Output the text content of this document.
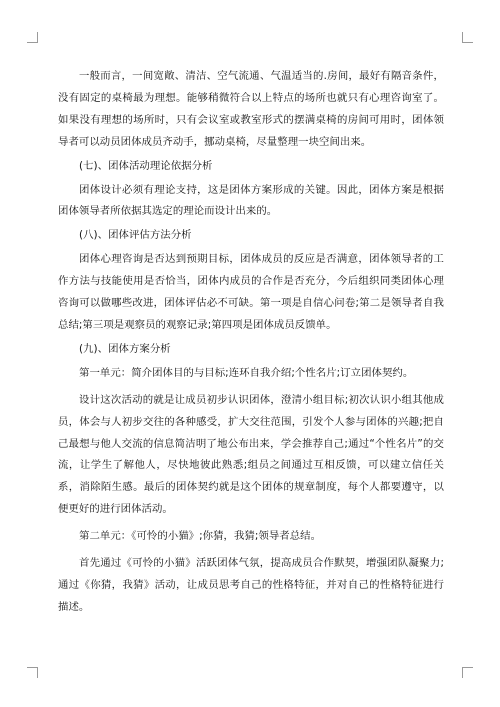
一般而言，一间宽敞、清洁、空气流通、气温适当的.房间，最好有隔音条件，没有固定的桌椅最为理想。能够稍微符合以上特点的场所也就只有心理咨询室了。如果没有理想的场所时，只有会议室或教室形式的摆满桌椅的房间可用时，团体领导者可以动员团体成员齐动手，挪动桌椅，尽量整理一块空间出来。

(七)、团体活动理论依据分析

团体设计必须有理论支持，这是团体方案形成的关键。因此，团体方案是根据团体领导者所依据其选定的理论而设计出来的。

(八)、团体评估方法分析

团体心理咨询是否达到预期目标，团体成员的反应是否满意，团体领导者的工作方法与技能使用是否恰当，团体内成员的合作是否充分，今后组织同类团体心理咨询可以做哪些改进，团体评估必不可缺。第一项是自信心问卷;第二是领导者自我总结;第三项是观察员的观察记录;第四项是团体成员反馈单。

(九)、团体方案分析

第一单元：简介团体目的与目标;连环自我介绍;个性名片;订立团体契约。

设计这次活动的就是让成员初步认识团体，澄清小组目标;初次认识小组其他成员，体会与人初步交往的各种感受，扩大交往范围，引发个人参与团体的兴趣;把自己最想与他人交流的信息简洁明了地公布出来，学会推荐自己;通过“个性名片”的交流，让学生了解他人，尽快地彼此熟悉;组员之间通过互相反馈，可以建立信任关系，消除陌生感。最后的团体契约就是这个团体的规章制度，每个人都要遵守，以便更好的进行团体活动。

第二单元：《可怜的小猫》;你猜，我猜;领导者总结。

首先通过《可怜的小猫》活跃团体气氛，提高成员合作默契，增强团队凝聚力;通过《你猜，我猜》活动，让成员思考自己的性格特征，并对自己的性格特征进行描述。
